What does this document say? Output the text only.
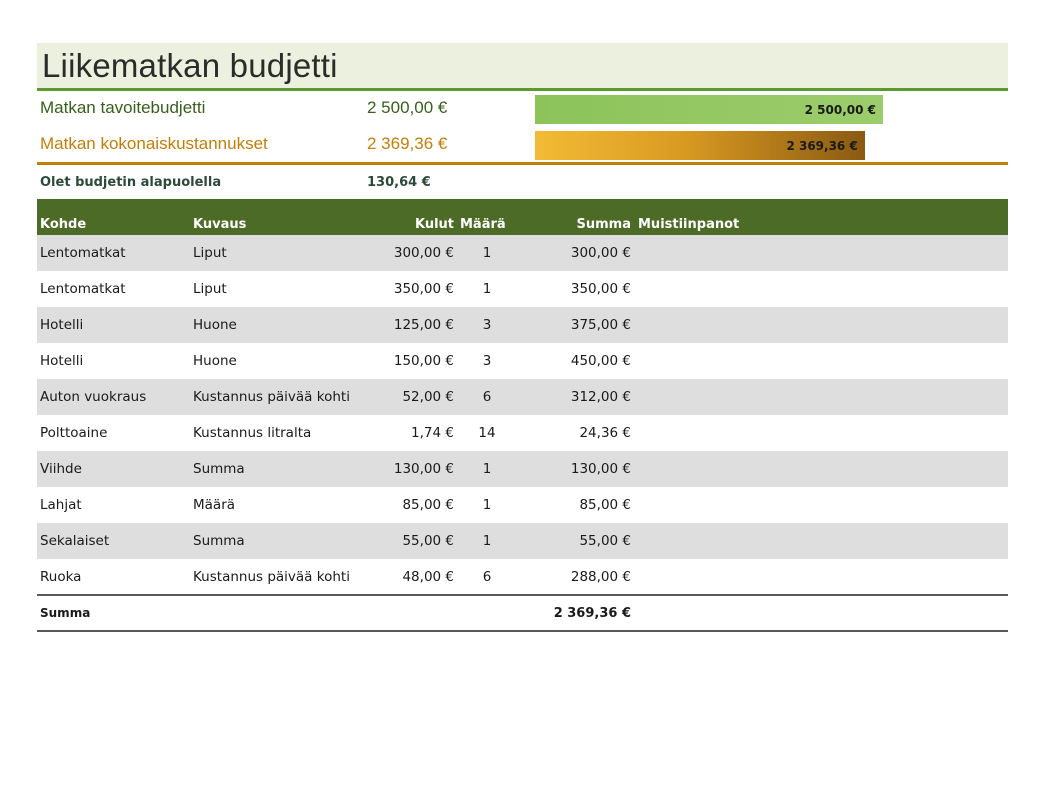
Liikematkan budjetti
Matkan tavoitebudjetti	2 500,00 €	2 500,00 €
Matkan kokonaiskustannukset	2 369,36 €	2 369,36 €
Olet budjetin alapuolella	130,64 €
Kohde	Kuvaus	Kulut	Määrä	Summa	Muistiinpanot
Lentomatkat	Liput	300,00 €	1	300,00 €	
Lentomatkat	Liput	350,00 €	1	350,00 €	
Hotelli	Huone	125,00 €	3	375,00 €	
Hotelli	Huone	150,00 €	3	450,00 €	
Auton vuokraus	Kustannus päivää kohti	52,00 €	6	312,00 €	
Polttoaine	Kustannus litralta	1,74 €	14	24,36 €	
Viihde	Summa	130,00 €	1	130,00 €	
Lahjat	Määrä	85,00 €	1	85,00 €	
Sekalaiset	Summa	55,00 €	1	55,00 €	
Ruoka	Kustannus päivää kohti	48,00 €	6	288,00 €	
Summa				2 369,36 €	
